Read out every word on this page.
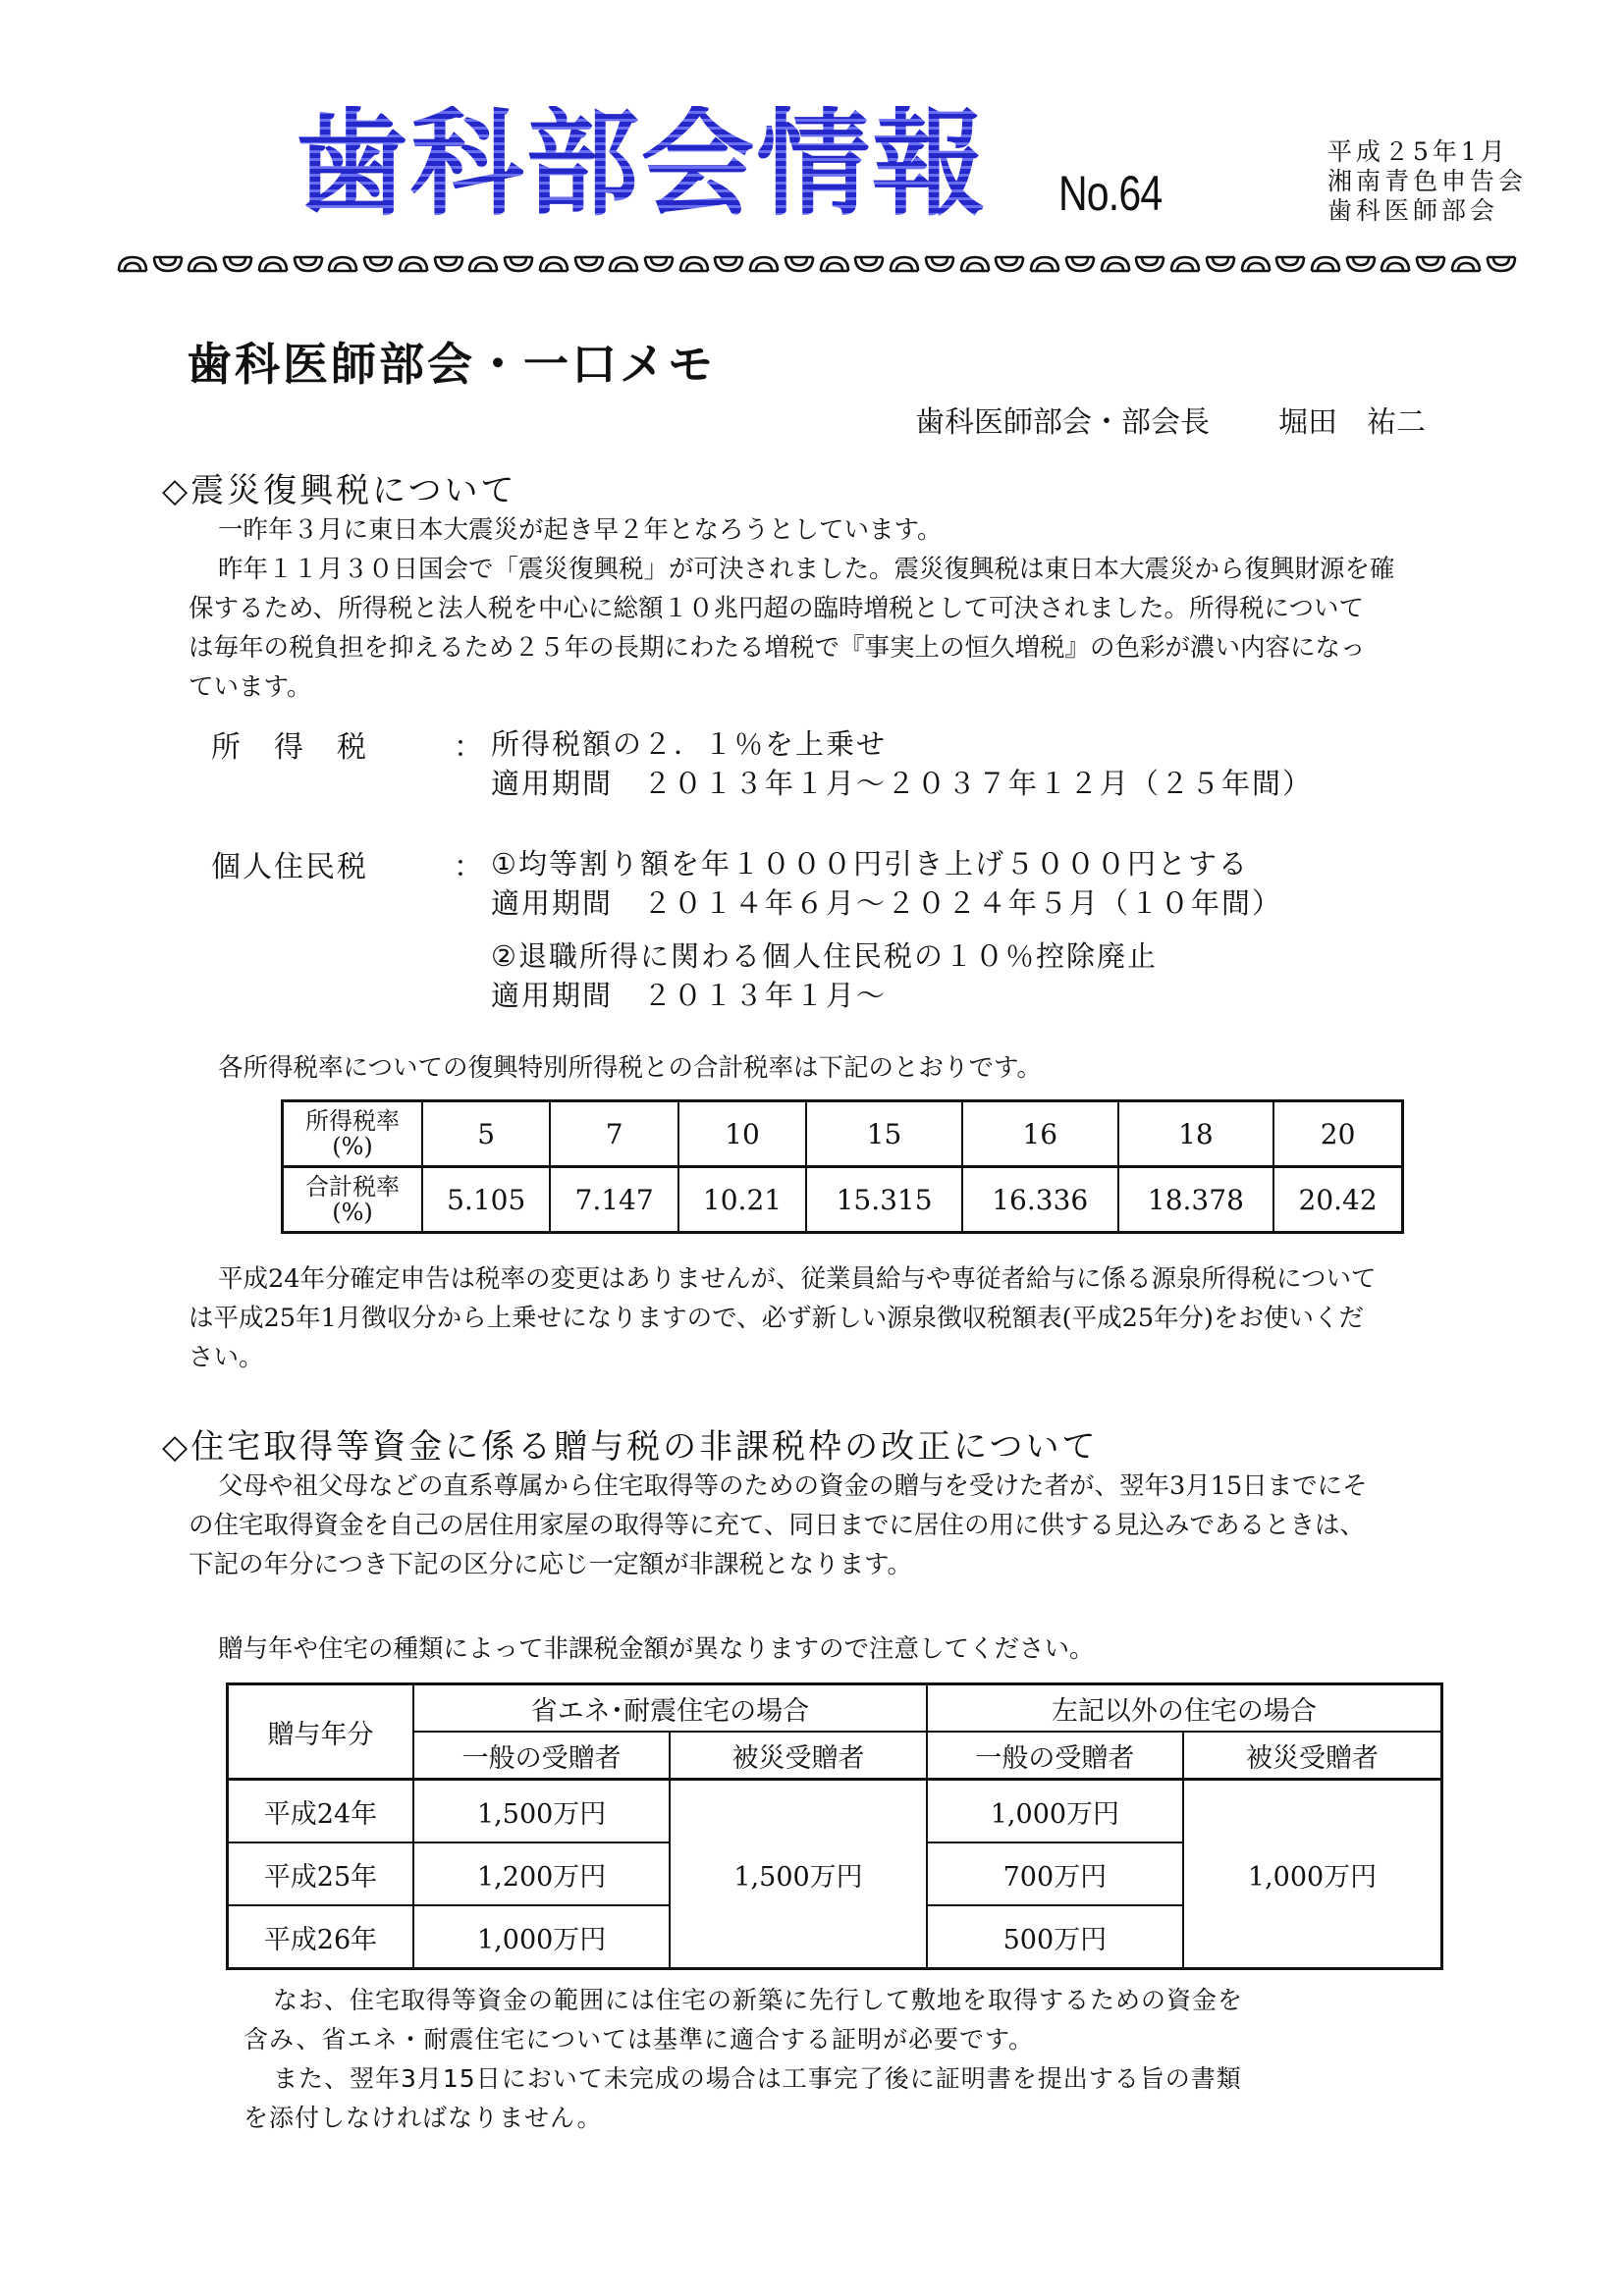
歯科部会情報 No.64
平成２5年1月
湘南青色申告会
歯科医師部会
歯科医師部会・一口メモ
歯科医師部会・部会長 堀田　祐二
◇震災復興税について
一昨年３月に東日本大震災が起き早２年となろうとしています。
昨年１１月３０日国会で「震災復興税」が可決されました。震災復興税は東日本大震災から復興財源を確
保するため、所得税と法人税を中心に総額１０兆円超の臨時増税として可決されました。所得税について
は毎年の税負担を抑えるため２５年の長期にわたる増税で『事実上の恒久増税』の色彩が濃い内容になっ
ています。
所　得　税	： 所得税額の２．１％を上乗せ
適用期間　２０１３年１月～２０３７年１２月（２５年間）
個人住民税	： ①均等割り額を年１０００円引き上げ５０００円とする
適用期間　２０１４年６月～２０２４年５月（１０年間）
②退職所得に関わる個人住民税の１０％控除廃止
適用期間　２０１３年１月～
各所得税率についての復興特別所得税との合計税率は下記のとおりです。
所得税率
(%)	5	7	10	15	16	18	20

合計税率
(%)	5.105	7.147	10.21	15.315	16.336	18.378	20.42
平成24年分確定申告は税率の変更はありませんが、従業員給与や専従者給与に係る源泉所得税について
は平成25年1月徴収分から上乗せになりますので、必ず新しい源泉徴収税額表(平成25年分)をお使いくだ
さい。
◇住宅取得等資金に係る贈与税の非課税枠の改正について
父母や祖父母などの直系尊属から住宅取得等のための資金の贈与を受けた者が、翌年3月15日までにそ
の住宅取得資金を自己の居住用家屋の取得等に充て、同日までに居住の用に供する見込みであるときは、
下記の年分につき下記の区分に応じ一定額が非課税となります。
贈与年や住宅の種類によって非課税金額が異なりますので注意してください。
贈与年分	省エネ･耐震住宅の場合		左記以外の住宅の場合	
	一般の受贈者	被災受贈者	一般の受贈者	被災受贈者
平成24年	1,500万円	1,500万円	1,000万円	1,000万円
平成25年	1,200万円		700万円	
平成26年	1,000万円		500万円	
なお、住宅取得等資金の範囲には住宅の新築に先行して敷地を取得するための資金を
含み、省エネ・耐震住宅については基準に適合する証明が必要です。
また、翌年3月15日において未完成の場合は工事完了後に証明書を提出する旨の書類
を添付しなければなりません。
